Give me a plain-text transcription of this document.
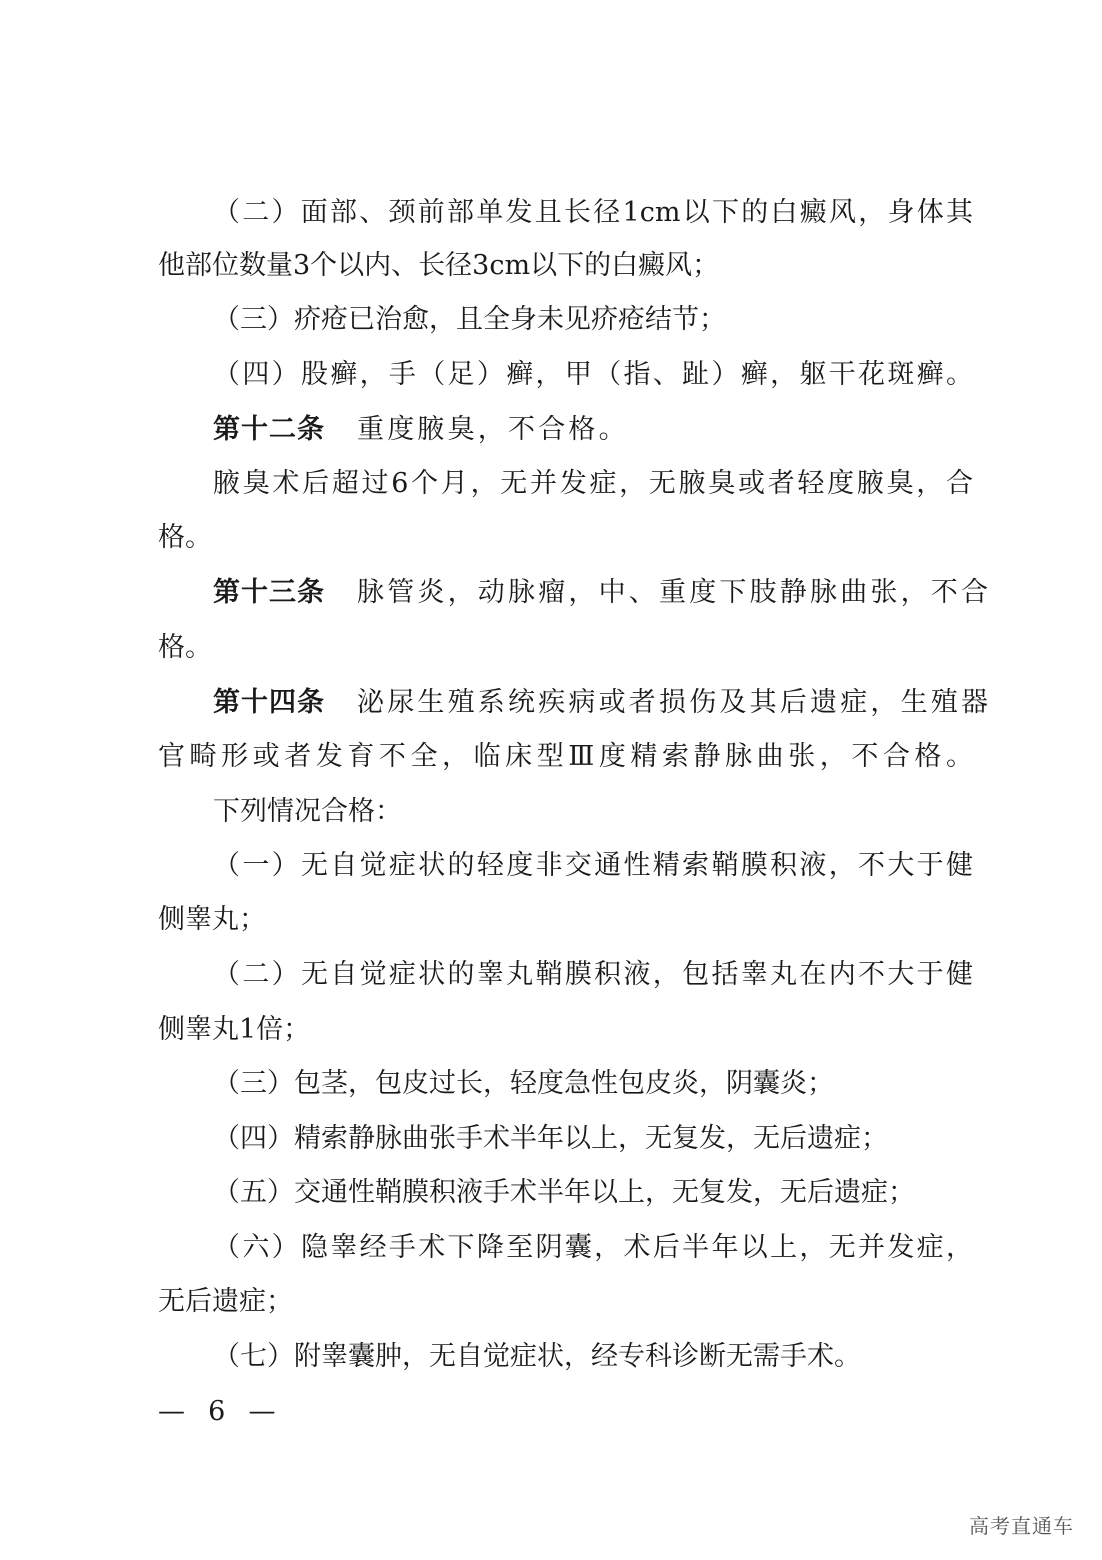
（二）面部、颈前部单发且长径1cm以下的白癜风，身体其
他部位数量3个以内、长径3cm以下的白癜风；
（三）疥疮已治愈，且全身未见疥疮结节；
（四）股癣，手（足）癣，甲（指、趾）癣，躯干花斑癣。
第十二条 重度腋臭，不合格。
腋臭术后超过6个月，无并发症，无腋臭或者轻度腋臭，合
格。
第十三条 脉管炎，动脉瘤，中、重度下肢静脉曲张，不合
格。
第十四条 泌尿生殖系统疾病或者损伤及其后遗症，生殖器
官畸形或者发育不全，临床型Ⅲ度精索静脉曲张，不合格。
下列情况合格：
（一）无自觉症状的轻度非交通性精索鞘膜积液，不大于健
侧睾丸；
（二）无自觉症状的睾丸鞘膜积液，包括睾丸在内不大于健
侧睾丸1倍；
（三）包茎，包皮过长，轻度急性包皮炎，阴囊炎；
（四）精索静脉曲张手术半年以上，无复发，无后遗症；
（五）交通性鞘膜积液手术半年以上，无复发，无后遗症；
（六）隐睾经手术下降至阴囊，术后半年以上，无并发症，
无后遗症；
（七）附睾囊肿，无自觉症状，经专科诊断无需手术。
—  6  —
高考直通车
